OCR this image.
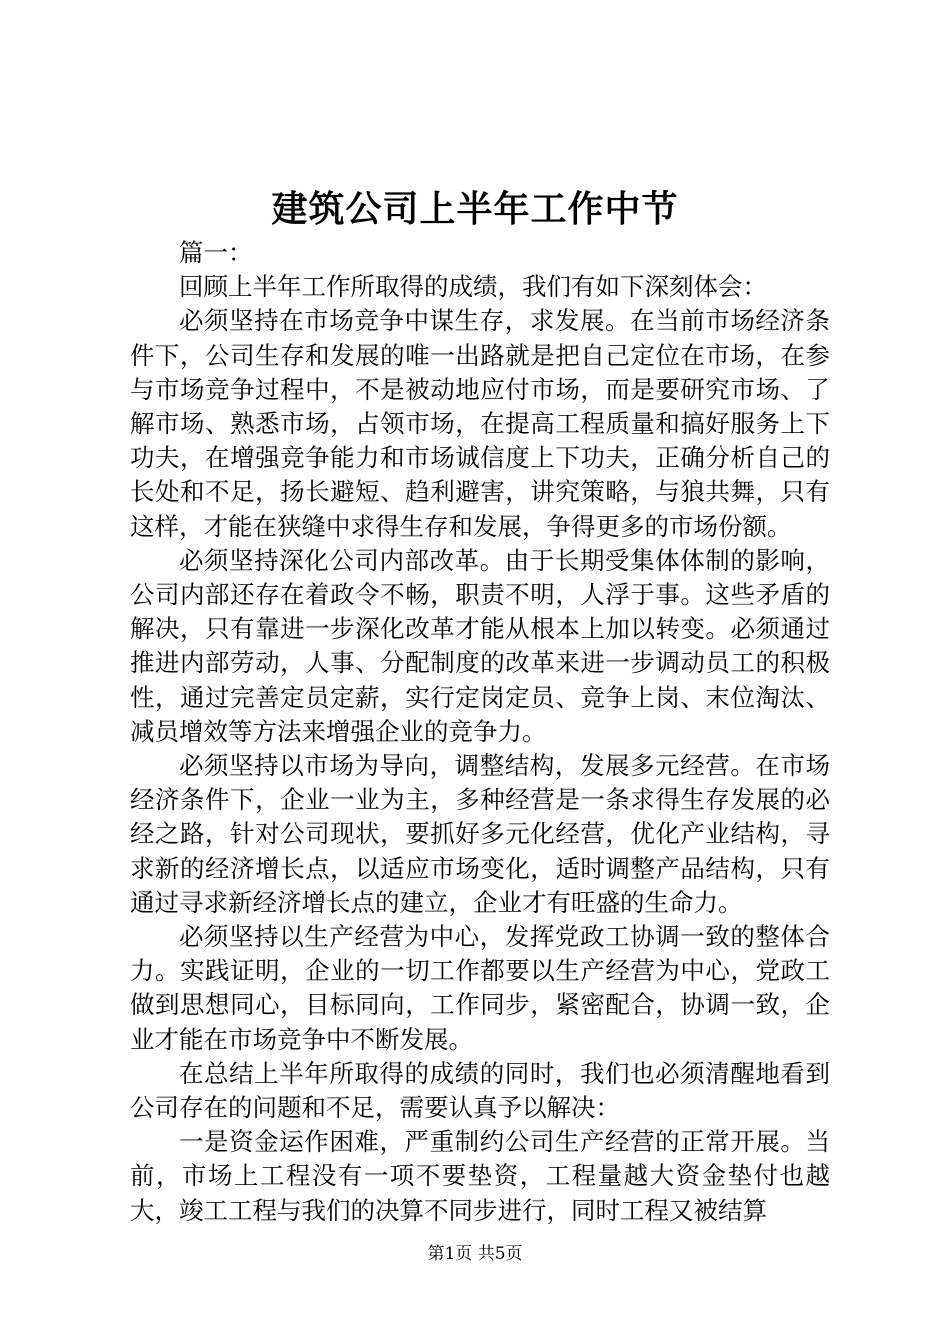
建筑公司上半年工作中节

篇一：

回顾上半年工作所取得的成绩，我们有如下深刻体会：

必须坚持在市场竞争中谋生存，求发展。在当前市场经济条件下，公司生存和发展的唯一出路就是把自己定位在市场，在参与市场竞争过程中，不是被动地应付市场，而是要研究市场、了解市场、熟悉市场，占领市场，在提高工程质量和搞好服务上下功夫，在增强竞争能力和市场诚信度上下功夫，正确分析自己的长处和不足，扬长避短、趋利避害，讲究策略，与狼共舞，只有这样，才能在狭缝中求得生存和发展，争得更多的市场份额。

必须坚持深化公司内部改革。由于长期受集体体制的影响，公司内部还存在着政令不畅，职责不明，人浮于事。这些矛盾的解决，只有靠进一步深化改革才能从根本上加以转变。必须通过推进内部劳动，人事、分配制度的改革来进一步调动员工的积极性，通过完善定员定薪，实行定岗定员、竞争上岗、末位淘汰、减员增效等方法来增强企业的竞争力。

必须坚持以市场为导向，调整结构，发展多元经营。在市场经济条件下，企业一业为主，多种经营是一条求得生存发展的必经之路，针对公司现状，要抓好多元化经营，优化产业结构，寻求新的经济增长点，以适应市场变化，适时调整产品结构，只有通过寻求新经济增长点的建立，企业才有旺盛的生命力。

必须坚持以生产经营为中心，发挥党政工协调一致的整体合力。实践证明，企业的一切工作都要以生产经营为中心，党政工做到思想同心，目标同向，工作同步，紧密配合，协调一致，企业才能在市场竞争中不断发展。

在总结上半年所取得的成绩的同时，我们也必须清醒地看到公司存在的问题和不足，需要认真予以解决：

一是资金运作困难，严重制约公司生产经营的正常开展。当前，市场上工程没有一项不要垫资，工程量越大资金垫付也越大，竣工工程与我们的决算不同步进行，同时工程又被结算

第1页 共5页
